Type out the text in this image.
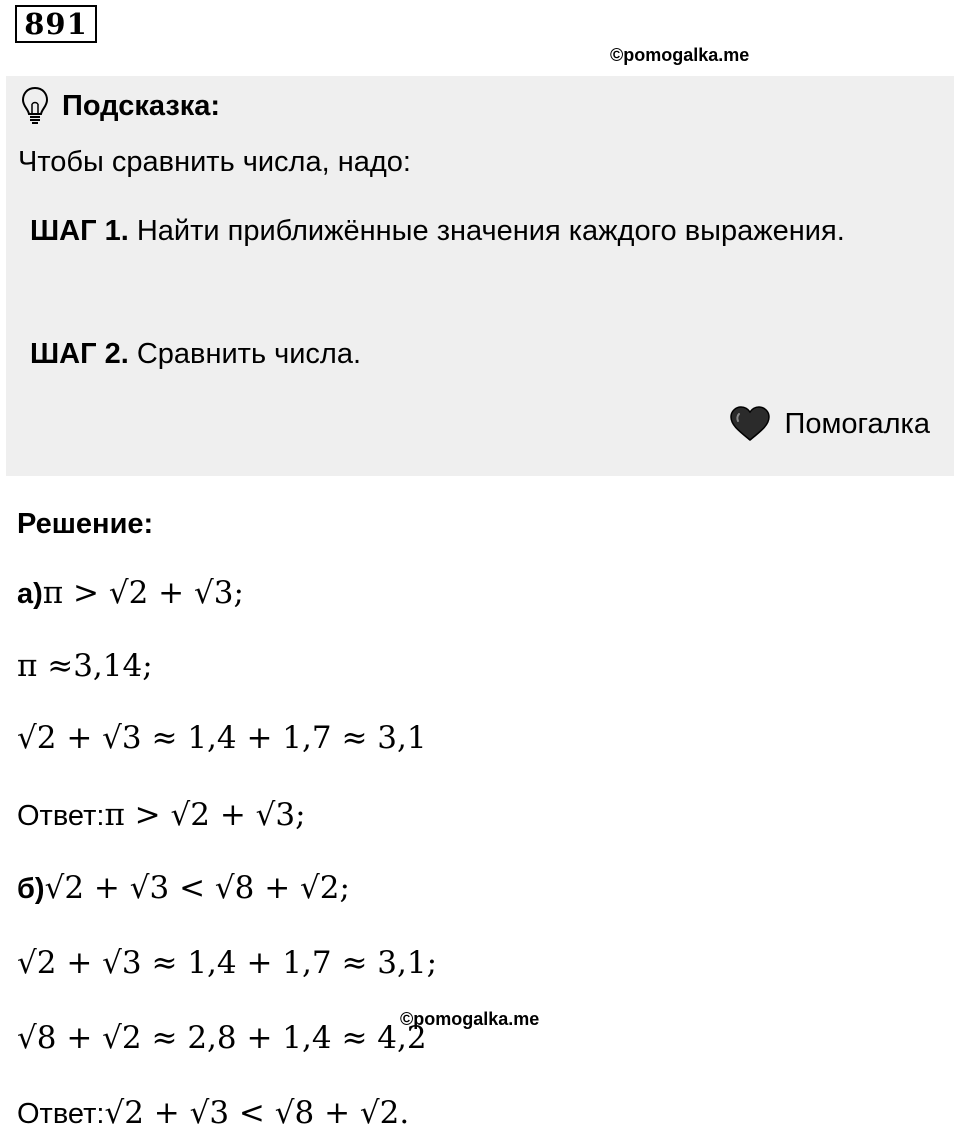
891
©pomogalka.me
Подсказка:
Чтобы сравнить числа, надо:
ШАГ 1. Найти приближённые значения каждого выражения.
ШАГ 2. Сравнить числа.
Помогалка
Решение:
а) π > √2 + √3;
π ≈3,14;
√2 + √3 ≈ 1,4 + 1,7 ≈ 3,1
Ответ: π > √2 + √3;
б) √2 + √3 < √8 + √2;
√2 + √3 ≈ 1,4 + 1,7 ≈ 3,1;
√8 + √2 ≈ 2,8 + 1,4 ≈ 4,2
Ответ: √2 + √3 < √8 + √2.
©pomogalka.me
